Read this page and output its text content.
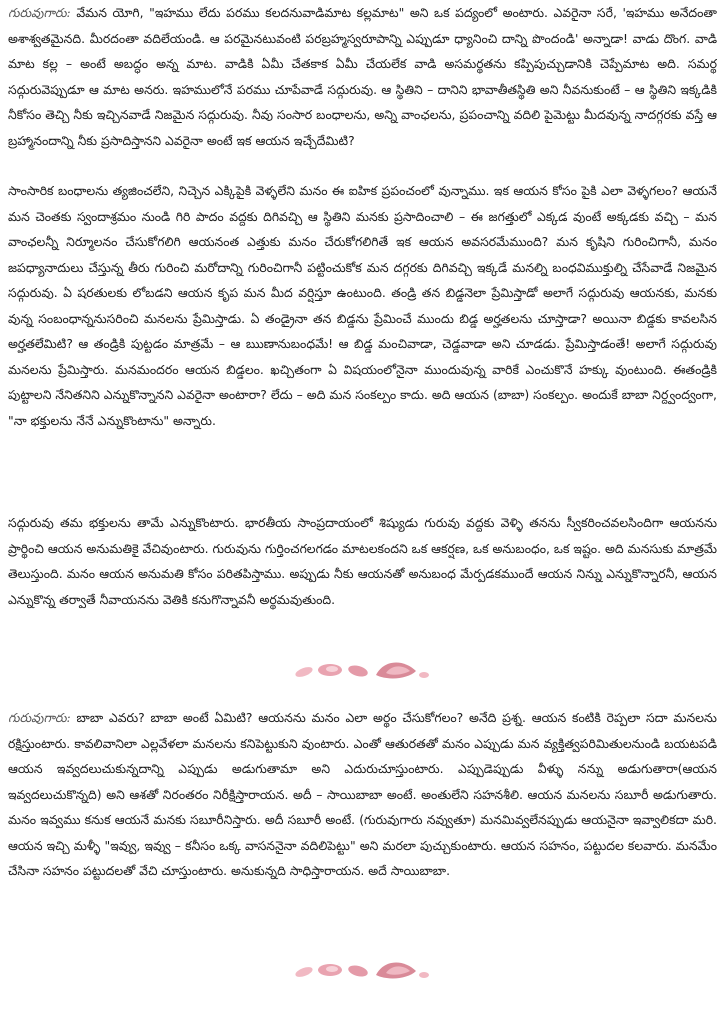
గురువుగారు: వేమన యోగి, "ఇహము లేదు పరము కలదనువాడిమాట కల్లమాట" అని ఒక పద్యంలో అంటారు. ఎవరైనా సరే, 'ఇహము అనేదంతా అశాశ్వతమైనది. మీరదంతా వదిలేయండి. ఆ పరమైనటువంటి పరబ్రహ్మస్వరూపాన్ని ఎప్పుడూ ధ్యానించి దాన్ని పొందండి' అన్నాడా! వాడు దొంగ. వాడి మాట కల్ల – అంటే అబద్ధం అన్న మాట. వాడికి ఏమీ చేతకాక ఏమీ చేయలేక వాడి అసమర్థతను కప్పిపుచ్చుడానికి చెప్పేమాట అది. సమర్థ సద్గురువెప్పుడూ ఆ మాట అనరు. ఇహములోనే పరము చూపేవాడే సద్గురువు. ఆ స్థితిని – దానిని భావాతీతస్థితి అని నీవనుకుంటే – ఆ స్థితిని ఇక్కడికి నీకోసం తెచ్చి నీకు ఇచ్చినవాడే నిజమైన సద్గురువు. నీవు సంసార బంధాలను, అన్ని వాంఛలను, ప్రపంచాన్ని వదిలి పైమెట్టు మీదవున్న నాదగ్గరకు వస్తే ఆ బ్రహ్మానందాన్ని నీకు ప్రసాదిస్తానని ఎవరైనా అంటే ఇక ఆయన ఇచ్చేదేమిటి?

సాంసారిక బంధాలను త్యజించలేని, నిచ్చెన ఎక్కిపైకి వెళ్ళలేని మనం ఈ ఐహిక ప్రపంచంలో వున్నాము. ఇక ఆయన కోసం పైకి ఎలా వెళ్ళగలం? ఆయనే మన చెంతకు స్వందాశ్రమం నుండి గిరి పాదం వద్దకు దిగివచ్చి ఆ స్థితిని మనకు ప్రసాదించాలి – ఈ జగత్తులో ఎక్కడ వుంటే అక్కడకు వచ్చి – మన వాంఛలన్నీ నిర్మూలనం చేసుకోగలిగి ఆయనంత ఎత్తుకు మనం చేరుకోగలిగితే ఇక ఆయన అవసరమేముంది? మన కృషిని గురించిగానీ, మనం జపధ్యానాదులు చేస్తున్న తీరు గురించి మరోదాన్ని గురించిగానీ పట్టించుకోక మన దగ్గరకు దిగివచ్చి ఇక్కడే మనల్ని బంధవిముక్తుల్ని చేసేవాడే నిజమైన సద్గురువు. ఏ షరతులకు లోబడని ఆయన కృప మన మీద వర్షిస్తూ ఉంటుంది. తండ్రి తన బిడ్డనెలా ప్రేమిస్తాడో అలాగే సద్గురువు ఆయనకు, మనకు వున్న సంబంధాన్ననుసరించి మనలను ప్రేమిస్తాడు. ఏ తండ్రైనా తన బిడ్డను ప్రేమించే ముందు బిడ్డ అర్హతలను చూస్తాడా? అయినా బిడ్డకు కావలసిన అర్హతలేమిటి? ఆ తండ్రికి పుట్టడం మాత్రమే – ఆ ఋణానుబంధమే! ఆ బిడ్డ మంచివాడా, చెడ్డవాడా అని చూడడు. ప్రేమిస్తాడంతే! అలాగే సద్గురువు మనలను ప్రేమిస్తారు. మనమందరం ఆయన బిడ్డలం. ఖచ్చితంగా ఏ విషయంలోనైనా ముందువున్న వారికే ఎంచుకొనే హక్కు వుంటుంది. ఈతండ్రికి పుట్టాలని నేనితనిని ఎన్నుకొన్నానని ఎవరైనా అంటారా? లేదు – అది మన సంకల్పం కాదు. అది ఆయన (బాబా) సంకల్పం. అందుకే బాబా నిర్ద్వంద్వంగా, "నా భక్తులను నేనే ఎన్నుకొంటాను" అన్నారు.

సద్గురువు తమ భక్తులను తామే ఎన్నుకొంటారు. భారతీయ సాంప్రదాయంలో శిష్యుడు గురువు వద్దకు వెళ్ళి తనను స్వీకరించవలసిందిగా ఆయనను ప్రార్థించి ఆయన అనుమతికై వేచివుంటారు. గురువును గుర్తించగలగడం మాటలకందని ఒక ఆకర్షణ, ఒక అనుబంధం, ఒక ఇష్టం. అది మనసుకు మాత్రమే తెలుస్తుంది. మనం ఆయన అనుమతి కోసం పరితపిస్తాము. అప్పుడు నీకు ఆయనతో అనుబంధ మేర్పడకముందే ఆయన నిన్ను ఎన్నుకొన్నారనీ, ఆయన ఎన్నుకొన్న తర్వాతే నీవాయనను వెతికి కనుగొన్నావనీ అర్థమవుతుంది.

గురువుగారు: బాబా ఎవరు? బాబా అంటే ఏమిటి? ఆయనను మనం ఎలా అర్థం చేసుకోగలం? అనేది ప్రశ్న. ఆయన కంటికి రెప్పలా సదా మనలను రక్షిస్తుంటారు. కావలివానిలా ఎల్లవేళలా మనలను కనిపెట్టుకుని వుంటారు. ఎంతో ఆతురతతో మనం ఎప్పుడు మన వ్యక్తిత్వపరిమితులనుండి బయటపడి ఆయన ఇవ్వదలుచుకున్నదాన్ని ఎప్పుడు అడుగుతామా అని ఎదురుచూస్తుంటారు. ఎప్పుడెప్పుడు వీళ్ళు నన్ను అడుగుతారా(ఆయన ఇవ్వదలుచుకొన్నది) అని ఆశతో నిరంతరం నిరీక్షిస్తారాయన. అదీ – సాయిబాబా అంటే. అంతులేని సహనశీలి. ఆయన మనలను సబూరీ అడుగుతారు. మనం ఇవ్వము కనుక ఆయనే మనకు సబూరీనిస్తారు. అదీ సబూరీ అంటే. (గురువుగారు నవ్వుతూ) మనమివ్వలేనప్పుడు ఆయనైనా ఇవ్వాలికదా మరి. ఆయన ఇచ్చి మళ్ళీ "ఇవ్వు, ఇవ్వు – కనీసం ఒక్క వాసననైనా వదిలిపెట్టు" అని మరలా పుచ్చుకుంటారు. ఆయన సహనం, పట్టుదల కలవారు. మనమేం చేసినా సహనం పట్టుదలతో వేచి చూస్తుంటారు. అనుకున్నది సాధిస్తారాయన. అదే సాయిబాబా.
